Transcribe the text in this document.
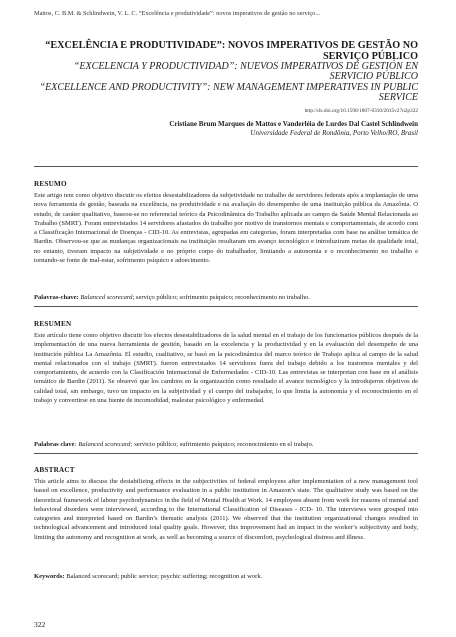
Mattos, C. B.M. & Schlindwein, V. L. C. “Excelência e produtividade”: novos imperativos de gestão no serviço...
“EXCELÊNCIA E PRODUTIVIDADE”: NOVOS IMPERATIVOS DE GESTÃO NO SERVIÇO PÚBLICO
“EXCELENCIA Y PRODUCTIVIDAD”: NUEVOS IMPERATIVOS DE GESTIÓN EN SERVICIO PÚBLICO
“EXCELLENCE AND PRODUCTIVITY”: NEW MANAGEMENT IMPERATIVES IN PUBLIC SERVICE
http://dx.doi.org/10.1590/1807-0310/2015v27n2p322
Cristiane Brum Marques de Mattos e Vanderléia de Lurdes Dal Castel Schlindwein
Universidade Federal de Rondônia, Porto Velho/RO, Brasil
RESUMO
Este artigo tem como objetivo discutir os efeitos desestabilizadores da subjetividade no trabalho de servidores federais após a implantação de uma nova ferramenta de gestão, baseada na excelência, na produtividade e na avaliação do desempenho de uma instituição pública da Amazônia. O estudo, de caráter qualitativo, baseou-se no referencial teórico da Psicodinâmica do Trabalho aplicada ao campo da Saúde Mental Relacionada ao Trabalho (SMRT). Foram entrevistados 14 servidores afastados do trabalho por motivo de transtornos mentais e comportamentais, de acordo com a Classificação Internacional de Doenças - CID-10. As entrevistas, agrupadas em categorias, foram interpretadas com base na análise temática de Bardin. Observou-se que as mudanças organizacionais na instituição resultaram em avanço tecnológico e introduziram metas de qualidade total, no entanto, tiveram impacto na subjetividade e no próprio corpo do trabalhador, limitando a autonomia e o reconhecimento no trabalho e tornando-se fonte de mal-estar, sofrimento psíquico e adoecimento.
Palavras-chave: Balanced scorecard; serviço público; sofrimento psíquico; reconhecimento no trabalho.
RESUMEN
Este artículo tiene como objetivo discutir los efectos desestabilizadores de la salud mental en el trabajo de los funcionarios públicos después de la implementación de una nueva herramienta de gestión, basado en la excelencia y la productividad y en la evaluación del desempeño de una institución pública La Amazônia. El estudio, cualitativo, se basó en la psicodinámica del marco teórico de Trabajo aplica al campo de la salud mental relacionados con el trabajo (SMRT). fueron entrevistados 14 servidores fuera del trabajo debido a los trastornos mentales y del comportamiento, de acuerdo con la Clasificación Internacional de Enfermedades - CID-10. Las entrevistas se interpretan con base en el análisis temático de Bardin (2011). Se observó que los cambios en la organización como resultado el avance tecnológico y la introdujeron objetivos de calidad total, sin embargo, tuvo un impacto en la subjetividad y el cuerpo del trabajador, lo que limita la autonomía y el reconocimiento en el trabajo y convertirse en una fuente de incomodidad, malestar psicológico y enfermedad.
Palabras clave: Balanced scorecard; servicio público; sufrimiento psíquico; reconocimiento en el trabajo.
ABSTRACT
This article aims to discuss the destabilizing effects in the subjectivities of federal employees after implementation of a new management tool based on excellence, productivity and performance evaluation in a public institution in Amazon’s state. The qualitative study was based on the theoretical framework of labour psychodynamics in the field of Mental Health at Work. 14 employees absent from work for reasons of mental and behavioral disorders were interviewed, according to the International Classification of Diseases - ICD- 10. The interviews were grouped into categories and interpreted based on Bardin’s thematic analysis (2011). We observed that the institution organizational changes resulted in technological advancement and introduced total quality goals. However, this improvement had an impact in the worker’s subjectivity and body, limiting the autonomy and recognition at work, as well as becoming a source of discomfort, psychological distress and illness.
Keywords: Balanced scorecard; public service; psychic suffering; recognition at work.
322
